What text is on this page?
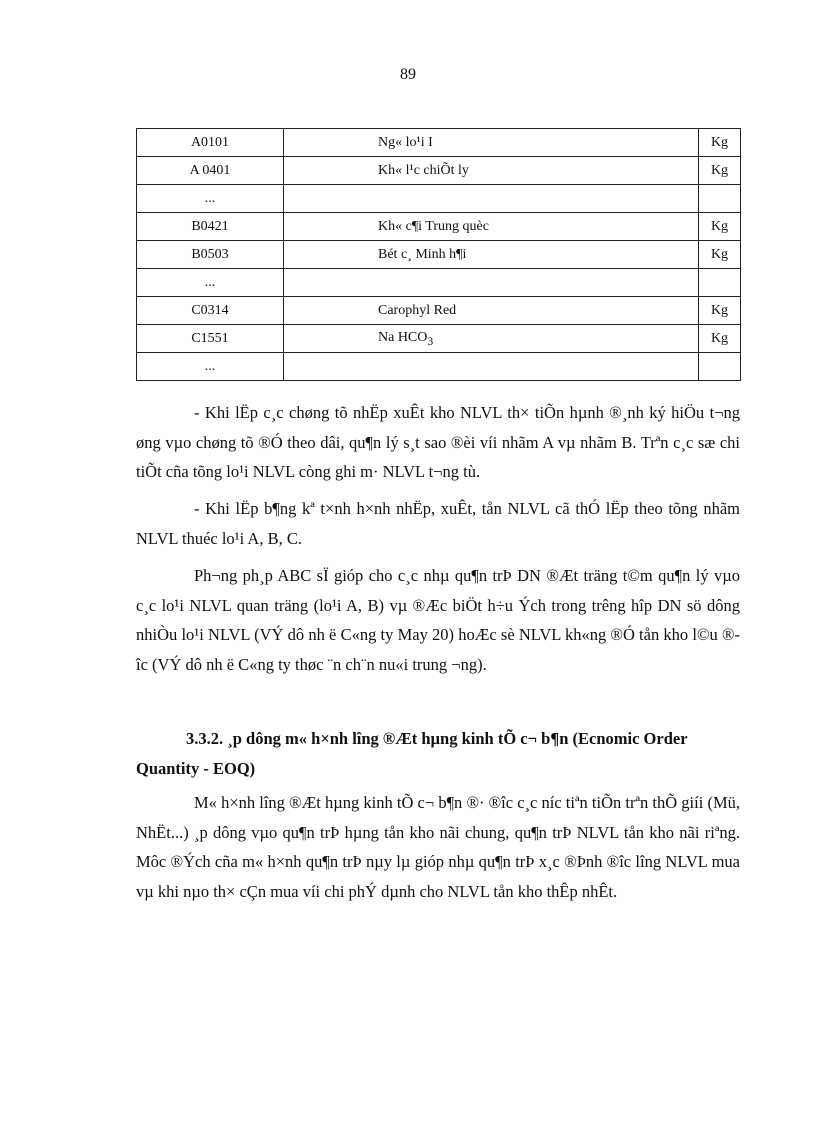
89
A0101	Ng« lo¹i I	Kg
A 0401	Kh« l¹c chiÕt ly	Kg
...		
B0421	Kh« c¶i Trung quèc	Kg
B0503	Bét c¸ Minh h¶i	Kg
...		
C0314	Carophyl Red	Kg
C1551	Na $HCO_3$	Kg
...		

- Khi lËp c¸c chøng tõ nhËp xuÊt kho NLVL th× tiÕn hµnh ®¸nh ký hiÖu t¬ng øng vµo chøng tõ ®Ó theo dâi, qu¶n lý s¸t sao ®èi víi nhãm A vµ nhãm B. Trªn c¸c sæ chi tiÕt cña tõng lo¹i NLVL còng ghi m· NLVL t¬ng tù.

- Khi lËp b¶ng kª t×nh h×nh nhËp, xuÊt, tån NLVL cã thÓ lËp theo tõng nhãm NLVL thuéc lo¹i A, B, C.

Ph¬ng ph¸p ABC sÏ gióp cho c¸c nhµ qu¶n trÞ DN ®Æt träng t©m qu¶n lý vµo c¸c lo¹i NLVL quan träng (lo¹i A, B) vµ ®Æc biÖt h÷u Ých trong trêng hîp DN sö dông nhiÒu lo¹i NLVL (VÝ dô nh ë C«ng ty May 20) hoÆc sè NLVL kh«ng ®Ó tån kho l©u ®îc (VÝ dô nh ë C«ng ty thøc ¨n ch¨n nu«i trung ¬ng).

3.3.2. ¸p dông m« h×nh lîng ®Æt hµng kinh tÕ c¬ b¶n (Ecnomic Order Quantity - EOQ)

M« h×nh lîng ®Æt hµng kinh tÕ c¬ b¶n ®· ®îc c¸c níc tiªn tiÕn trªn thÕ giíi (Mü, NhËt...) ¸p dông vµo qu¶n trÞ hµng tån kho nãi chung, qu¶n trÞ NLVL tån kho nãi riªng. Môc ®Ých cña m« h×nh qu¶n trÞ nµy lµ gióp nhµ qu¶n trÞ x¸c ®Þnh ®îc lîng NLVL mua vµ khi nµo th× cÇn mua víi chi phÝ dµnh cho NLVL tån kho thÊp nhÊt.
